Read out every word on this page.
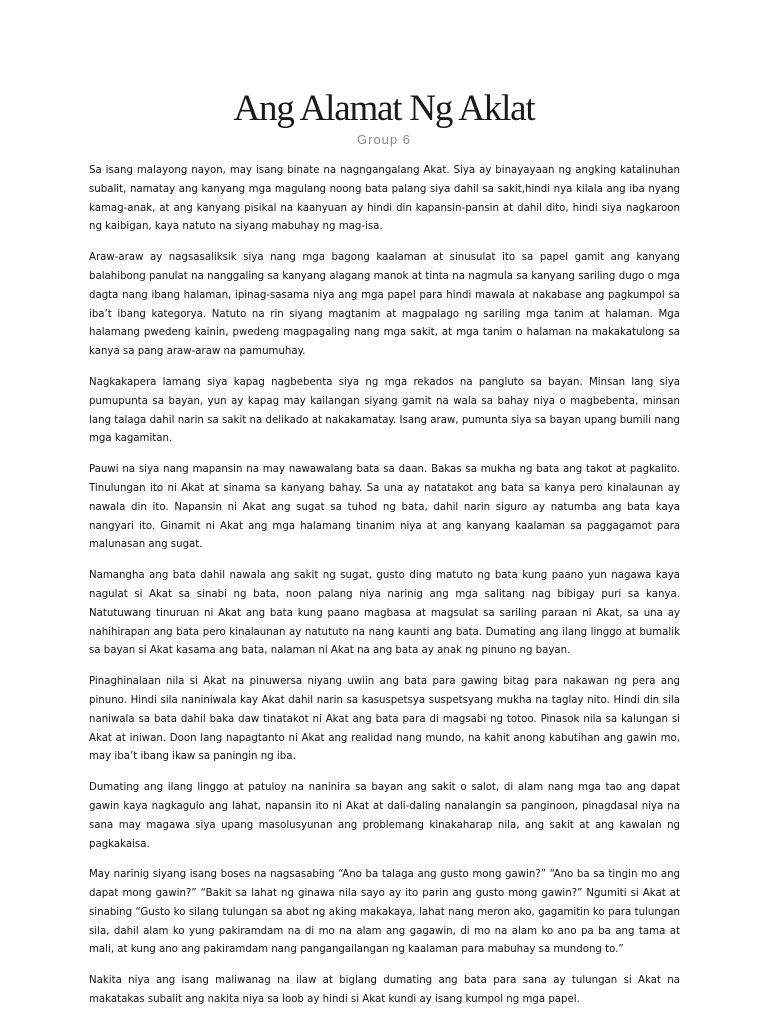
Ang Alamat Ng Aklat
Group 6

Sa isang malayong nayon, may isang binate na nagngangalang Akat. Siya ay binayayaan ng angking katalinuhan subalit, namatay ang kanyang mga magulang noong bata palang siya dahil sa sakit,hindi nya kilala ang iba nyang kamag-anak, at ang kanyang pisikal na kaanyuan ay hindi din kapansin-pansin at dahil dito, hindi siya nagkaroon ng kaibigan, kaya natuto na siyang mabuhay ng mag-isa.

Araw-araw ay nagsasaliksik siya nang mga bagong kaalaman at sinusulat ito sa papel gamit ang kanyang balahibong panulat na nanggaling sa kanyang alagang manok at tinta na nagmula sa kanyang sariling dugo o mga dagta nang ibang halaman, ipinag-sasama niya ang mga papel para hindi mawala at nakabase ang pagkumpol sa iba’t ibang kategorya. Natuto na rin siyang magtanim at magpalago ng sariling mga tanim at halaman. Mga halamang pwedeng kainin, pwedeng magpagaling nang mga sakit, at mga tanim o halaman na makakatulong sa kanya sa pang araw-araw na pamumuhay.

Nagkakapera lamang siya kapag nagbebenta siya ng mga rekados na pangluto sa bayan. Minsan lang siya pumupunta sa bayan, yun ay kapag may kailangan siyang gamit na wala sa bahay niya o magbebenta, minsan lang talaga dahil narin sa sakit na delikado at nakakamatay. Isang araw, pumunta siya sa bayan upang bumili nang mga kagamitan.

Pauwi na siya nang mapansin na may nawawalang bata sa daan. Bakas sa mukha ng bata ang takot at pagkalito. Tinulungan ito ni Akat at sinama sa kanyang bahay. Sa una ay natatakot ang bata sa kanya pero kinalaunan ay nawala din ito. Napansin ni Akat ang sugat sa tuhod ng bata, dahil narin siguro ay natumba ang bata kaya nangyari ito. Ginamit ni Akat ang mga halamang tinanim niya at ang kanyang kaalaman sa paggagamot para malunasan ang sugat.

Namangha ang bata dahil nawala ang sakit ng sugat, gusto ding matuto ng bata kung paano yun nagawa kaya nagulat si Akat sa sinabi ng bata, noon palang niya narinig ang mga salitang nag bibigay puri sa kanya. Natutuwang tinuruan ni Akat ang bata kung paano magbasa at magsulat sa sariling paraan ni Akat, sa una ay nahihirapan ang bata pero kinalaunan ay natututo na nang kaunti ang bata. Dumating ang ilang linggo at bumalik sa bayan si Akat kasama ang bata, nalaman ni Akat na ang bata ay anak ng pinuno ng bayan.

Pinaghinalaan nila si Akat na pinuwersa niyang uwiin ang bata para gawing bitag para nakawan ng pera ang pinuno. Hindi sila naniniwala kay Akat dahil narin sa kasuspetsya suspetsyang mukha na taglay nito. Hindi din sila naniwala sa bata dahil baka daw tinatakot ni Akat ang bata para di magsabi ng totoo. Pinasok nila sa kalungan si Akat at iniwan. Doon lang napagtanto ni Akat ang realidad nang mundo, na kahit anong kabutihan ang gawin mo, may iba’t ibang ikaw sa paningin ng iba.

Dumating ang ilang linggo at patuloy na naninira sa bayan ang sakit o salot, di alam nang mga tao ang dapat gawin kaya nagkagulo ang lahat, napansin ito ni Akat at dali-daling nanalangin sa panginoon, pinagdasal niya na sana may magawa siya upang masolusyunan ang problemang kinakaharap nila, ang sakit at ang kawalan ng pagkakaisa.

May narinig siyang isang boses na nagsasabing “Ano ba talaga ang gusto mong gawin?” “Ano ba sa tingin mo ang dapat mong gawin?” “Bakit sa lahat ng ginawa nila sayo ay ito parin ang gusto mong gawin?” Ngumiti si Akat at sinabing “Gusto ko silang tulungan sa abot ng aking makakaya, lahat nang meron ako, gagamitin ko para tulungan sila, dahil alam ko yung pakiramdam na di mo na alam ang gagawin, di mo na alam ko ano pa ba ang tama at mali, at kung ano ang pakiramdam nang pangangailangan ng kaalaman para mabuhay sa mundong to.”

Nakita niya ang isang maliwanag na ilaw at biglang dumating ang bata para sana ay tulungan si Akat na makatakas subalit ang nakita niya sa loob ay hindi si Akat kundi ay isang kumpol ng mga papel.
